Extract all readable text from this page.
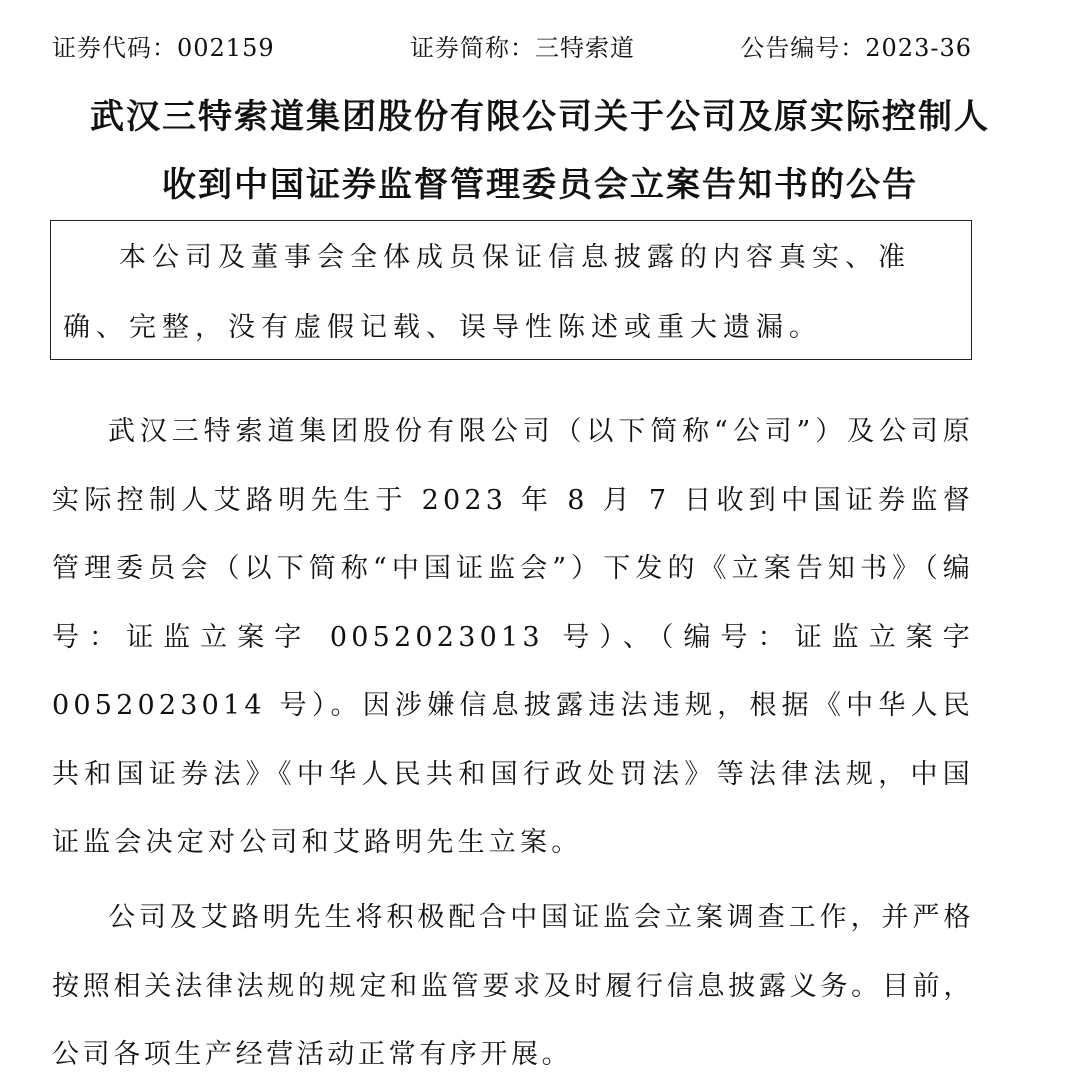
证券代码：002159	证券简称：三特索道	公告编号：2023-36
武汉三特索道集团股份有限公司关于公司及原实际控制人
收到中国证券监督管理委员会立案告知书的公告

本公司及董事会全体成员保证信息披露的内容真实、准确、完整，没有虚假记载、误导性陈述或重大遗漏。

武汉三特索道集团股份有限公司（以下简称“公司”）及公司原实际控制人艾路明先生于 2023 年 8 月 7 日收到中国证券监督管理委员会（以下简称“中国证监会”）下发的《立案告知书》（编号：证监立案字 0052023013 号）、（编号：证监立案字 0052023014 号）。因涉嫌信息披露违法违规，根据《中华人民共和国证券法》《中华人民共和国行政处罚法》等法律法规，中国证监会决定对公司和艾路明先生立案。

公司及艾路明先生将积极配合中国证监会立案调查工作，并严格按照相关法律法规的规定和监管要求及时履行信息披露义务。目前，公司各项生产经营活动正常有序开展。
